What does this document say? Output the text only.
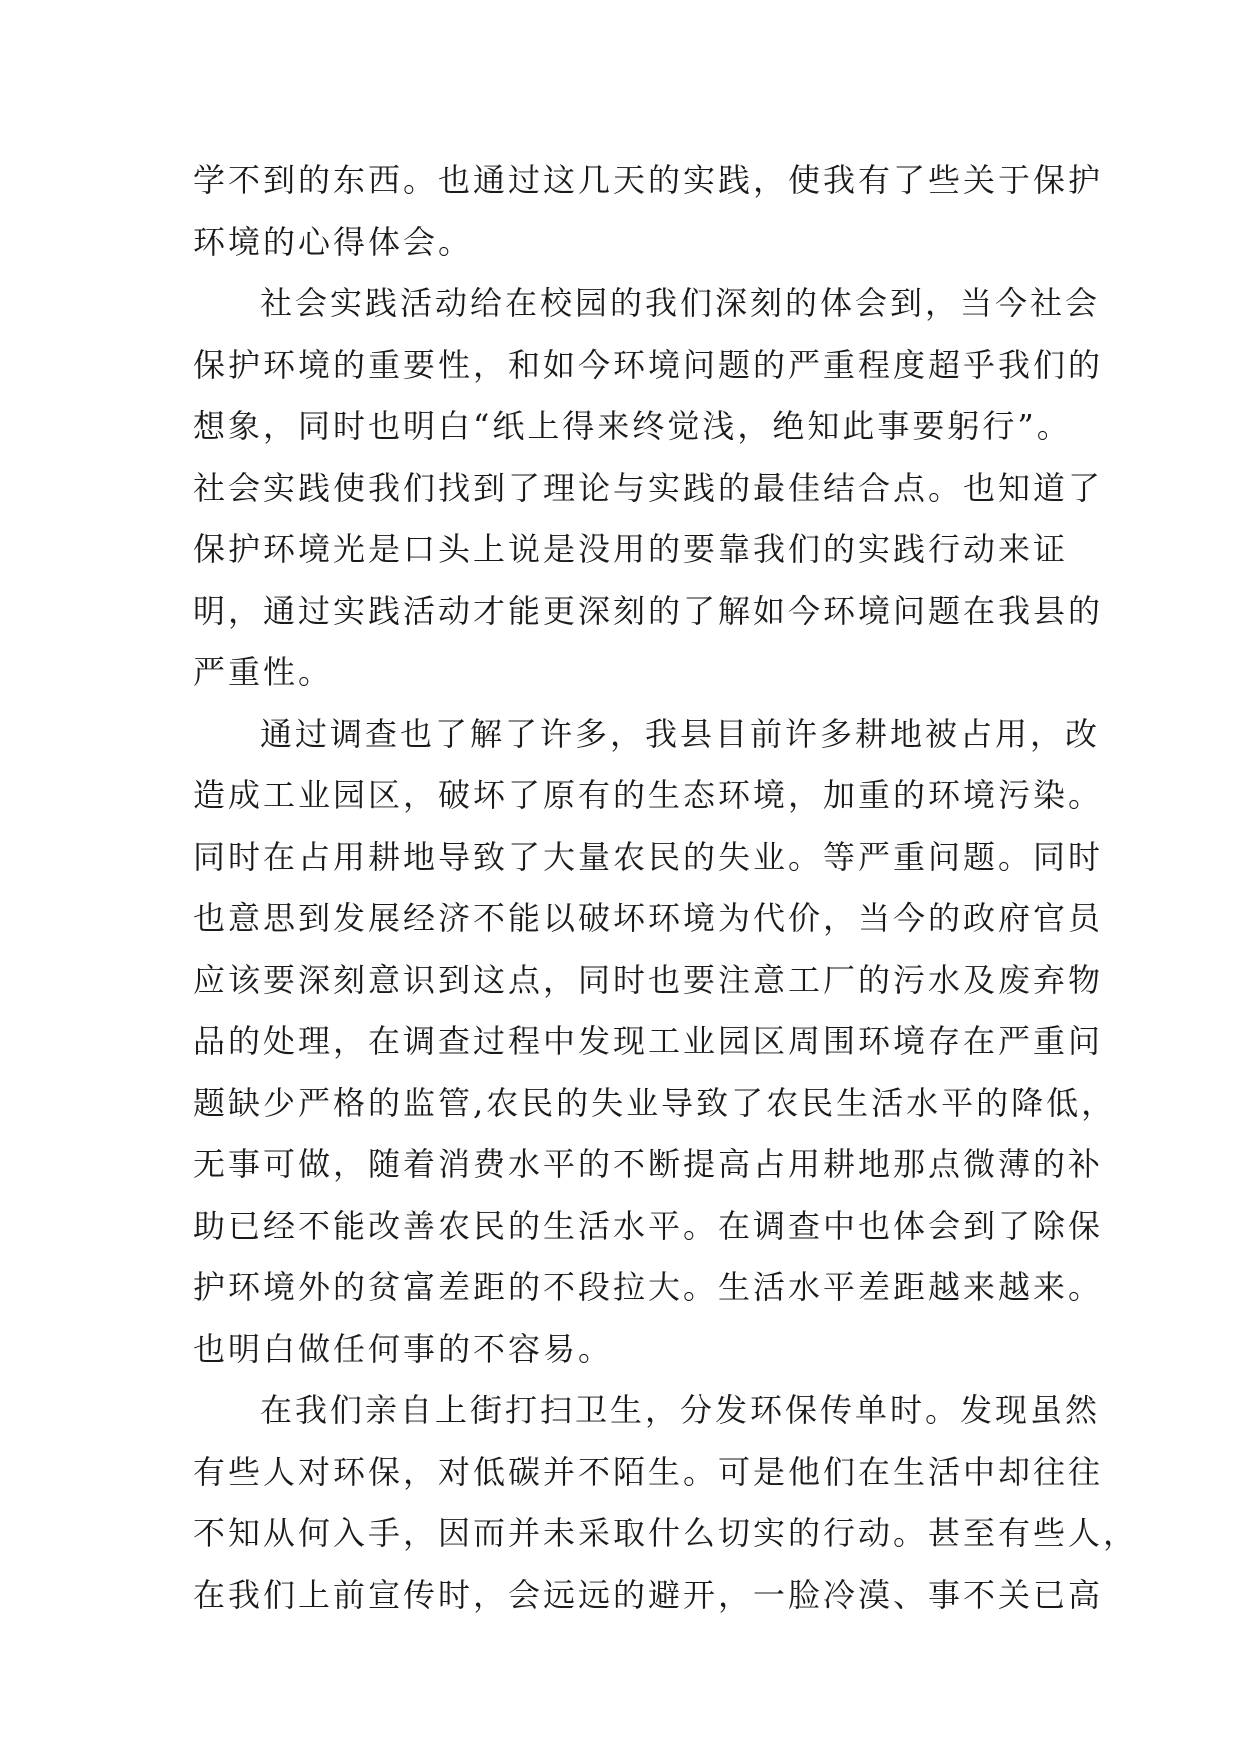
学不到的东西。也通过这几天的实践，使我有了些关于保护
环境的心得体会。
社会实践活动给在校园的我们深刻的体会到，当今社会
保护环境的重要性，和如今环境问题的严重程度超乎我们的
想象，同时也明白“纸上得来终觉浅，绝知此事要躬行”。
社会实践使我们找到了理论与实践的最佳结合点。也知道了
保护环境光是口头上说是没用的要靠我们的实践行动来证
明，通过实践活动才能更深刻的了解如今环境问题在我县的
严重性。
通过调查也了解了许多，我县目前许多耕地被占用，改
造成工业园区，破坏了原有的生态环境，加重的环境污染。
同时在占用耕地导致了大量农民的失业。等严重问题。同时
也意思到发展经济不能以破坏环境为代价，当今的政府官员
应该要深刻意识到这点，同时也要注意工厂的污水及废弃物
品的处理，在调查过程中发现工业园区周围环境存在严重问
题缺少严格的监管,农民的失业导致了农民生活水平的降低，
无事可做，随着消费水平的不断提高占用耕地那点微薄的补
助已经不能改善农民的生活水平。在调查中也体会到了除保
护环境外的贫富差距的不段拉大。生活水平差距越来越来。
也明白做任何事的不容易。
在我们亲自上街打扫卫生，分发环保传单时。发现虽然
有些人对环保，对低碳并不陌生。可是他们在生活中却往往
不知从何入手，因而并未采取什么切实的行动。甚至有些人，
在我们上前宣传时，会远远的避开，一脸冷漠、事不关已高
